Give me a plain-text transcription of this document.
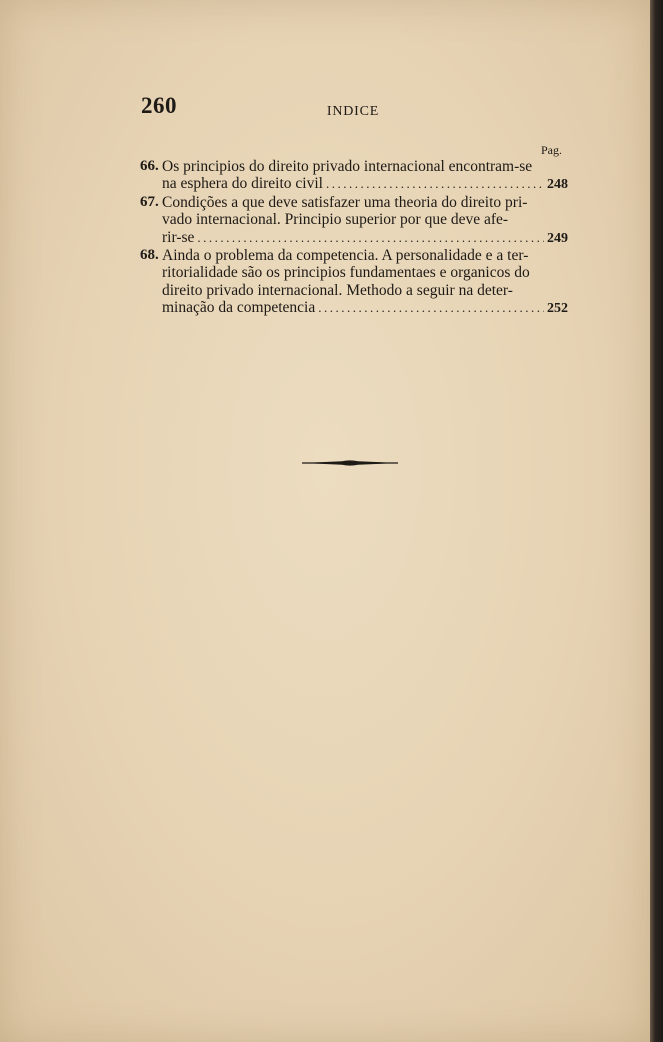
260	INDICE
Pag.
66. Os principios do direito privado internacional encontram-se
na esphera do direito civil .....	248
67. Condições a que deve satisfazer uma theoria do direito pri-
vado internacional. Principio superior por que deve afe-
rir-se .....	249
68. Ainda o problema da competencia. A personalidade e a ter-
ritorialidade são os principios fundamentaes e organicos do
direito privado internacional. Methodo a seguir na deter-
minação da competencia .....	252
